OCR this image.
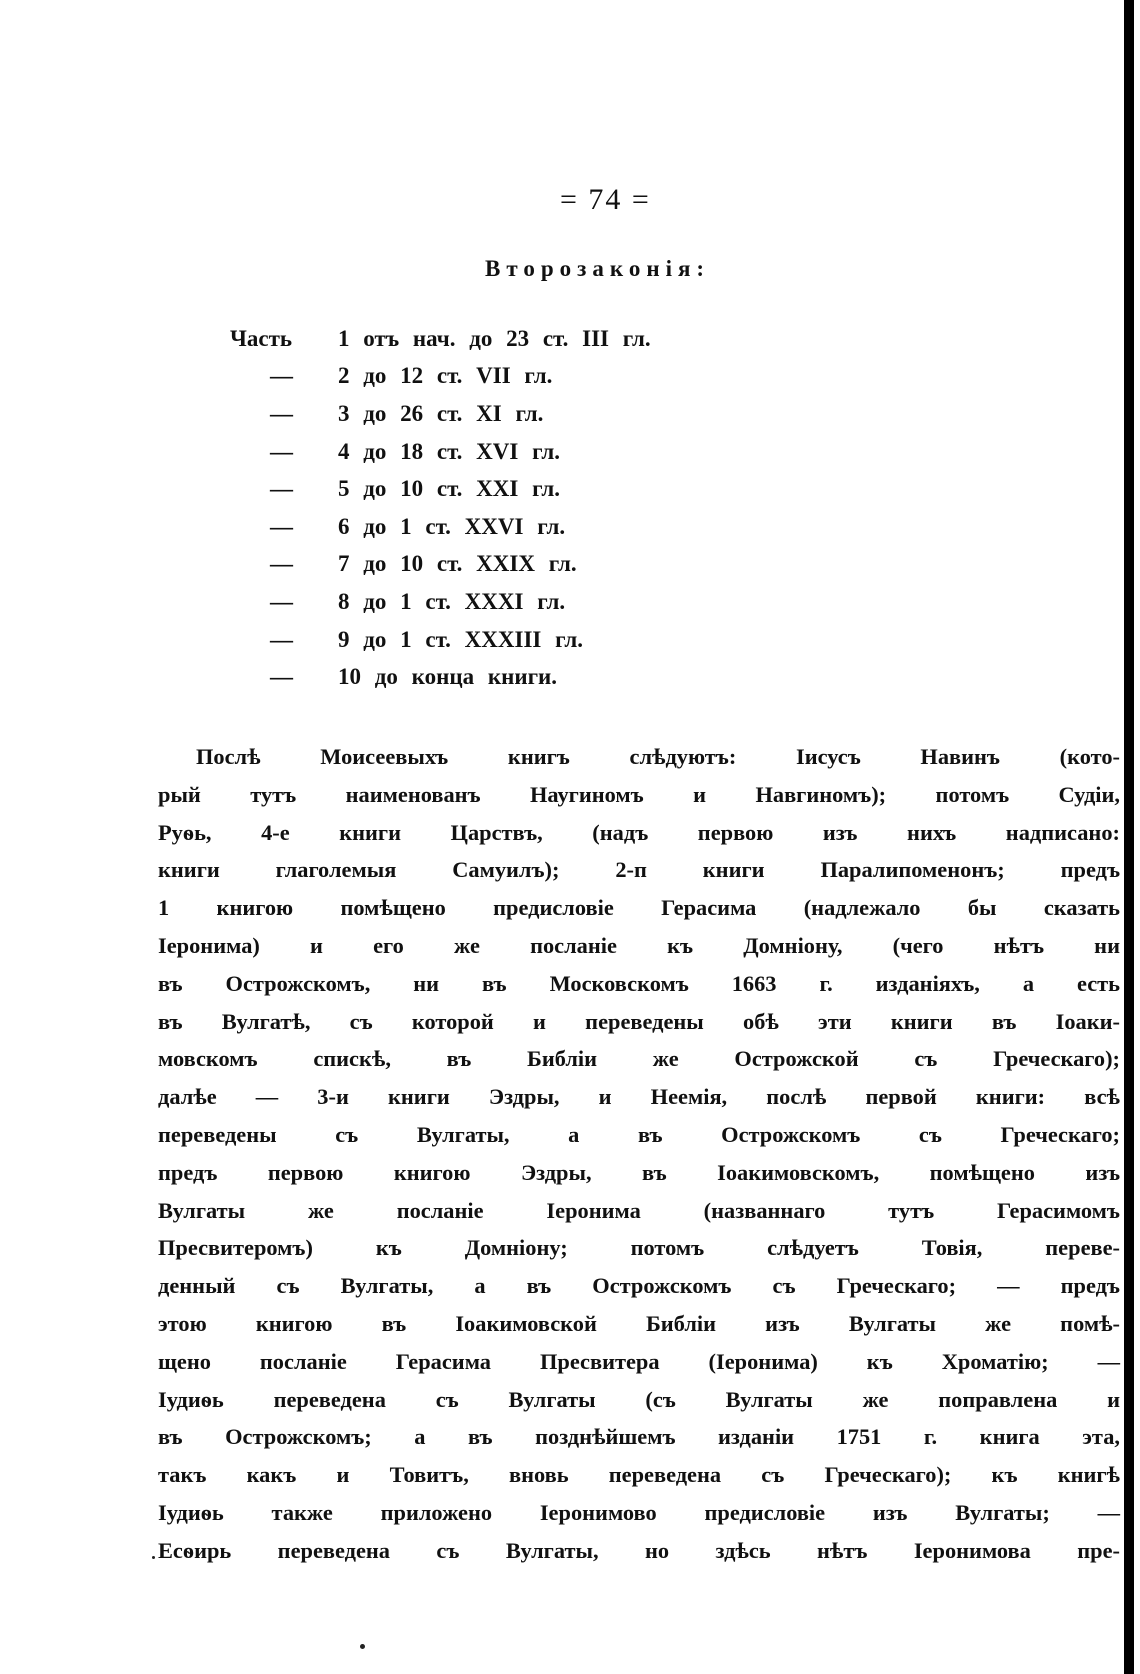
= 74 =
Второзаконія:
Часть	1 отъ нач. до 23 ст. III гл.
—	2 до 12 ст. VII гл.
—	3 до 26 ст. XI гл.
—	4 до 18 ст. XVI гл.
—	5 до 10 ст. XXI гл.
—	6 до 1 ст. XXVI гл.
—	7 до 10 ст. XXIX гл.
—	8 до 1 ст. XXXI гл.
—	9 до 1 ст. XXXIII гл.
—	10 до конца книги.
Послѣ Моисеевыхъ книгъ слѣдуютъ: Іисусъ Навинъ (кото-
рый тутъ наименованъ Наугиномъ и Навгиномъ); потомъ Судіи,
Руѳь, 4-е книги Царствъ, (надъ первою изъ нихъ надписано:
книги глаголемыя Самуилъ); 2-п книги Паралипоменонъ; предъ
1 книгою помѣщено предисловіе Герасима (надлежало бы сказать
Іеронима) и его же посланіе къ Домніону, (чего нѣтъ ни
въ Острожскомъ, ни въ Московскомъ 1663 г. изданіяхъ, а есть
въ Вулгатѣ, съ которой и переведены обѣ эти книги въ Іоаки-
мовскомъ спискѣ, въ Библіи же Острожской съ Греческаго);
далѣе — 3-и книги Эздры, и Неемія, послѣ первой книги: всѣ
переведены съ Вулгаты, а въ Острожскомъ съ Греческаго;
предъ первою книгою Эздры, въ Іоакимовскомъ, помѣщено изъ
Вулгаты же посланіе Іеронима (названнаго тутъ Герасимомъ
Пресвитеромъ) къ Домніону; потомъ слѣдуетъ Товія, переве-
денный съ Вулгаты, а въ Острожскомъ съ Греческаго; — предъ
этою книгою въ Іоакимовской Библіи изъ Вулгаты же помѣ-
щено посланіе Герасима Пресвитера (Іеронима) къ Хроматію; —
Іудиѳь переведена съ Вулгаты (съ Вулгаты же поправлена и
въ Острожскомъ; а въ позднѣйшемъ изданіи 1751 г. книга эта,
такъ какъ и Товитъ, вновь переведена съ Греческаго); къ книгѣ
Іудиѳь также приложено Іеронимово предисловіе изъ Вулгаты; —
Есѳирь переведена съ Вулгаты, но здѣсь нѣтъ Іеронимова пре-
